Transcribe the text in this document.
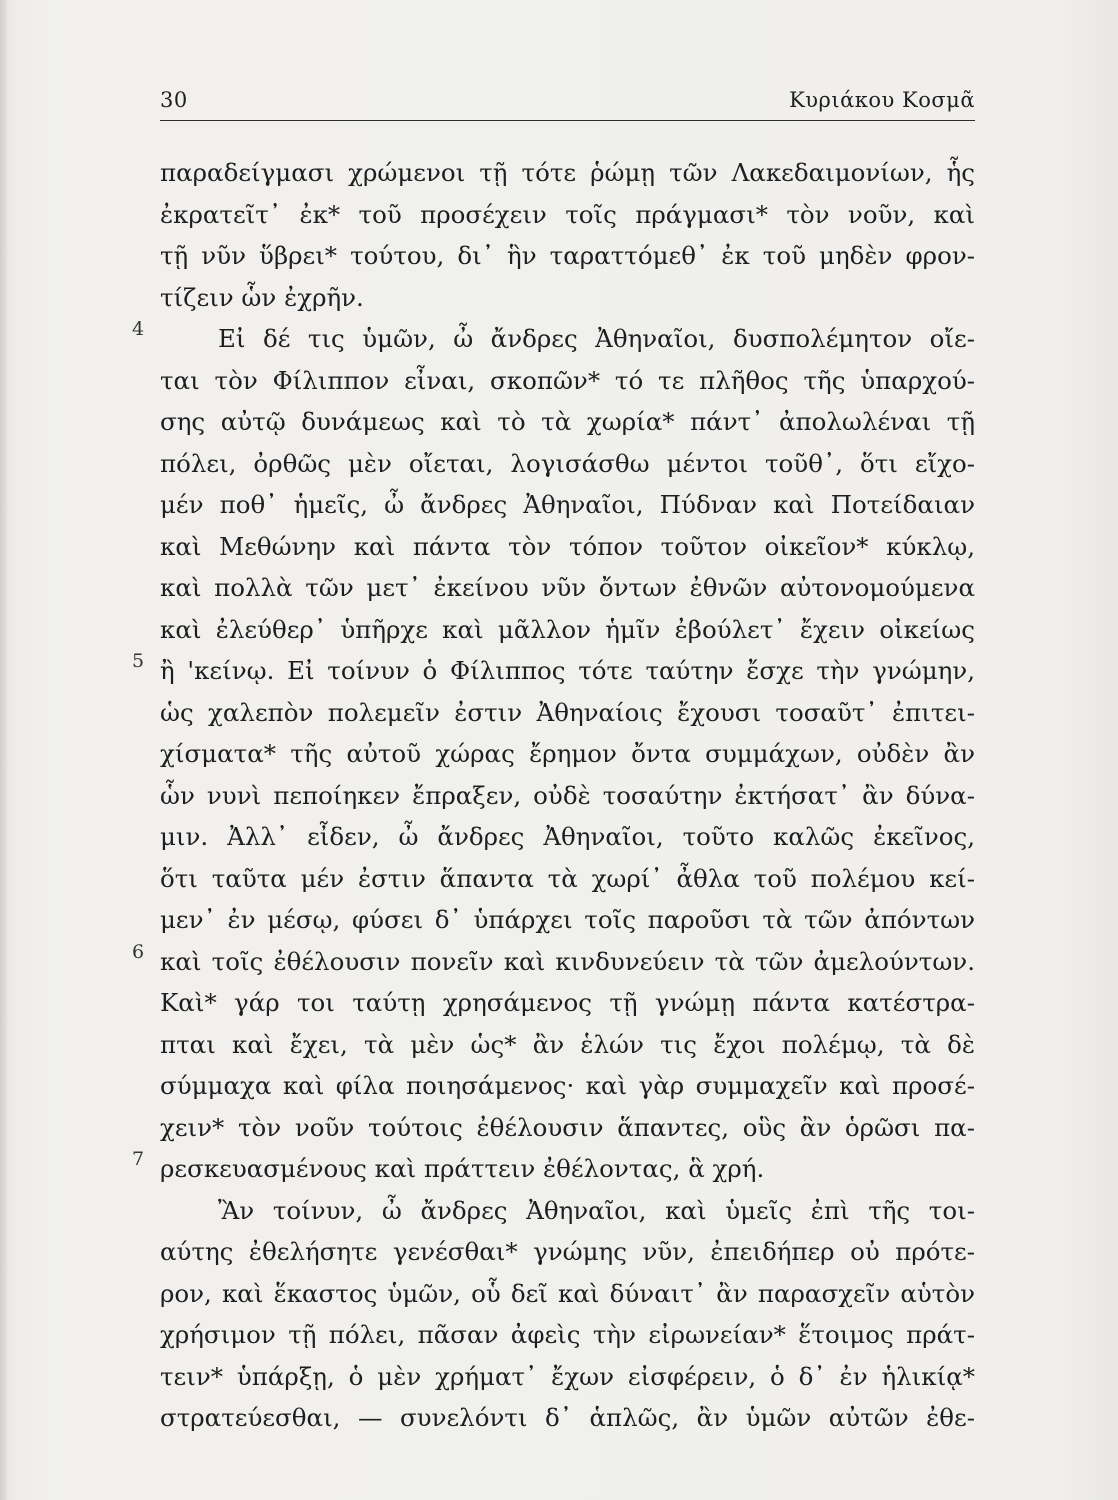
30	Κυριάκου Κοσμᾶ
4
5
6
7
παραδείγμασι χρώμενοι τῇ τότε ῥώμῃ τῶν Λακεδαιμονίων, ἧς
ἐκρατεῖτ᾽ ἐκ* τοῦ προσέχειν τοῖς πράγμασι* τὸν νοῦν, καὶ
τῇ νῦν ὕβρει* τούτου, δι᾽ ἣν ταραττόμεθ᾽ ἐκ τοῦ μηδὲν φρον-
τίζειν ὧν ἐχρῆν.
Εἰ δέ τις ὑμῶν, ὦ ἄνδρες Ἀθηναῖοι, δυσπολέμητον οἴε-
ται τὸν Φίλιππον εἶναι, σκοπῶν* τό τε πλῆθος τῆς ὑπαρχού-
σης αὐτῷ δυνάμεως καὶ τὸ τὰ χωρία* πάντ᾽ ἀπολωλέναι τῇ
πόλει, ὀρθῶς μὲν οἴεται, λογισάσθω μέντοι τοῦθ᾽, ὅτι εἴχο-
μέν ποθ᾽ ἡμεῖς, ὦ ἄνδρες Ἀθηναῖοι, Πύδναν καὶ Ποτείδαιαν
καὶ Μεθώνην καὶ πάντα τὸν τόπον τοῦτον οἰκεῖον* κύκλῳ,
καὶ πολλὰ τῶν μετ᾽ ἐκείνου νῦν ὄντων ἐθνῶν αὐτονομούμενα
καὶ ἐλεύθερ᾽ ὑπῆρχε καὶ μᾶλλον ἡμῖν ἐβούλετ᾽ ἔχειν οἰκείως
ἢ 'κείνῳ. Εἰ τοίνυν ὁ Φίλιππος τότε ταύτην ἔσχε τὴν γνώμην,
ὡς χαλεπὸν πολεμεῖν ἐστιν Ἀθηναίοις ἔχουσι τοσαῦτ᾽ ἐπιτει-
χίσματα* τῆς αὐτοῦ χώρας ἔρημον ὄντα συμμάχων, οὐδὲν ἂν
ὧν νυνὶ πεποίηκεν ἔπραξεν, οὐδὲ τοσαύτην ἐκτήσατ᾽ ἂν δύνα-
μιν. Ἀλλ᾽ εἶδεν, ὦ ἄνδρες Ἀθηναῖοι, τοῦτο καλῶς ἐκεῖνος,
ὅτι ταῦτα μέν ἐστιν ἅπαντα τὰ χωρί᾽ ἆθλα τοῦ πολέμου κεί-
μεν᾽ ἐν μέσῳ, φύσει δ᾽ ὑπάρχει τοῖς παροῦσι τὰ τῶν ἀπόντων
καὶ τοῖς ἐθέλουσιν πονεῖν καὶ κινδυνεύειν τὰ τῶν ἀμελούντων.
Καὶ* γάρ τοι ταύτῃ χρησάμενος τῇ γνώμῃ πάντα κατέστρα-
πται καὶ ἔχει, τὰ μὲν ὡς* ἂν ἑλών τις ἔχοι πολέμῳ, τὰ δὲ
σύμμαχα καὶ φίλα ποιησάμενος· καὶ γὰρ συμμαχεῖν καὶ προσέ-
χειν* τὸν νοῦν τούτοις ἐθέλουσιν ἅπαντες, οὓς ἂν ὁρῶσι πα-
ρεσκευασμένους καὶ πράττειν ἐθέλοντας, ἃ χρή.
Ἂν τοίνυν, ὦ ἄνδρες Ἀθηναῖοι, καὶ ὑμεῖς ἐπὶ τῆς τοι-
αύτης ἐθελήσητε γενέσθαι* γνώμης νῦν, ἐπειδήπερ οὐ πρότε-
ρον, καὶ ἕκαστος ὑμῶν, οὗ δεῖ καὶ δύναιτ᾽ ἂν παρασχεῖν αὑτὸν
χρήσιμον τῇ πόλει, πᾶσαν ἀφεὶς τὴν εἰρωνείαν* ἕτοιμος πράτ-
τειν* ὑπάρξῃ, ὁ μὲν χρήματ᾽ ἔχων εἰσφέρειν, ὁ δ᾽ ἐν ἡλικίᾳ*
στρατεύεσθαι, — συνελόντι δ᾽ ἁπλῶς, ἂν ὑμῶν αὐτῶν ἐθε-
